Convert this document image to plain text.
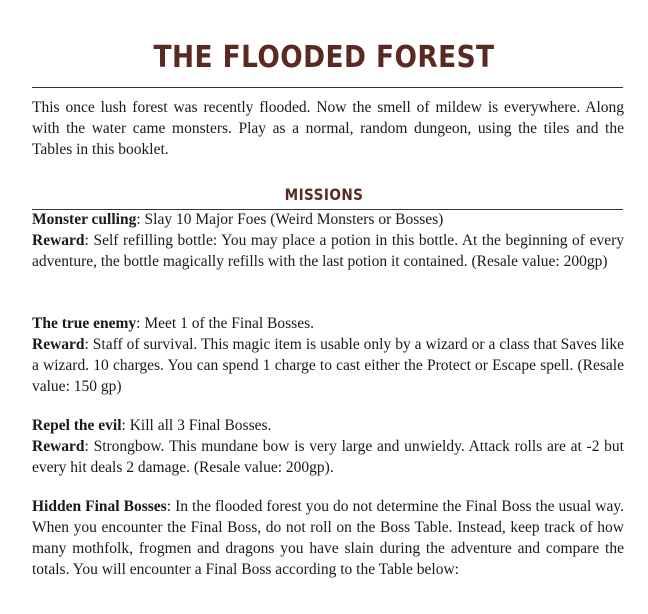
THE FLOODED FOREST
This once lush forest was recently flooded. Now the smell of mildew is everywhere. Along with the water came monsters. Play as a normal, random dungeon, using the tiles and the Tables in this booklet.
MISSIONS
Monster culling: Slay 10 Major Foes (Weird Monsters or Bosses)
Reward: Self refilling bottle: You may place a potion in this bottle. At the beginning of every adventure, the bottle magically refills with the last potion it contained. (Resale value: 200gp)
The true enemy: Meet 1 of the Final Bosses.
Reward: Staff of survival. This magic item is usable only by a wizard or a class that Saves like a wizard. 10 charges. You can spend 1 charge to cast either the Protect or Escape spell. (Resale value: 150 gp)
Repel the evil: Kill all 3 Final Bosses.
Reward: Strongbow. This mundane bow is very large and unwieldy. Attack rolls are at -2 but every hit deals 2 damage. (Resale value: 200gp).
Hidden Final Bosses: In the flooded forest you do not determine the Final Boss the usual way. When you encounter the Final Boss, do not roll on the Boss Table. Instead, keep track of how many mothfolk, frogmen and dragons you have slain during the adventure and compare the totals. You will encounter a Final Boss according to the Table below:
